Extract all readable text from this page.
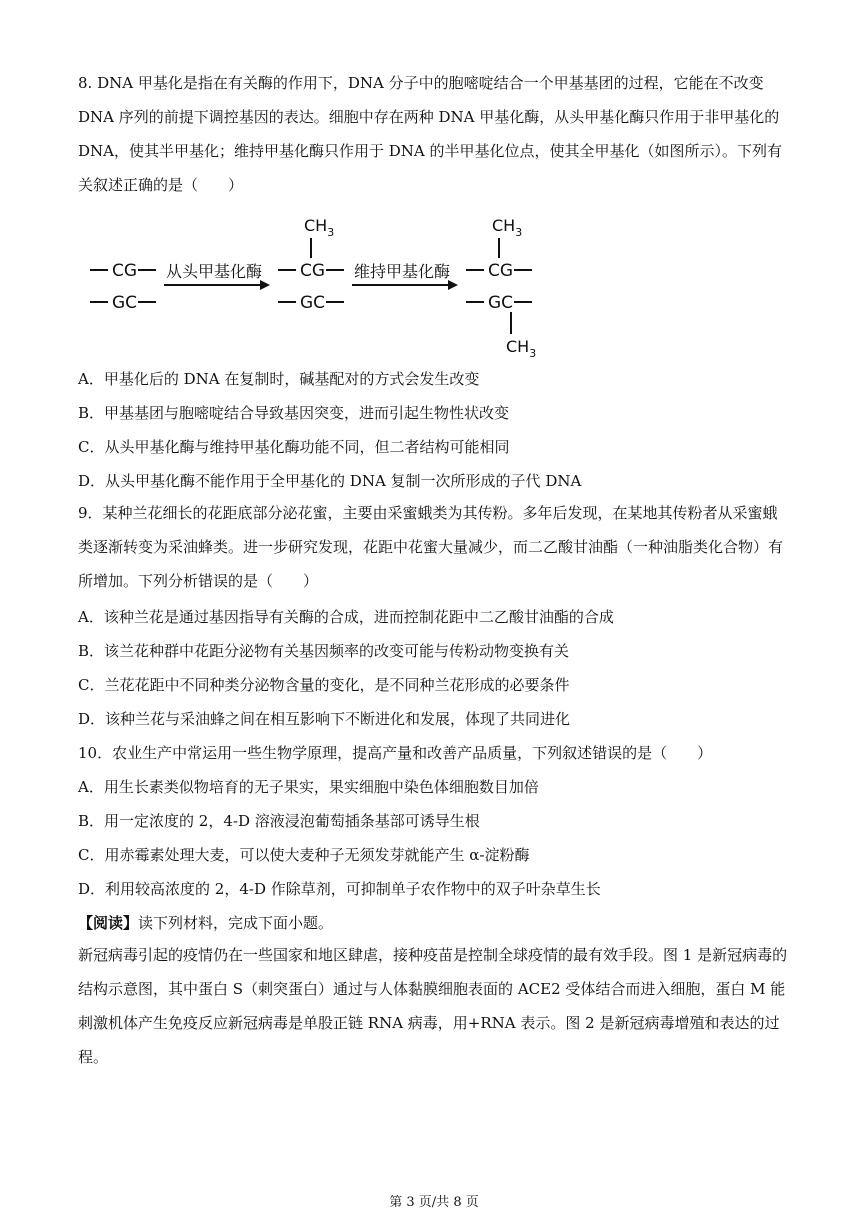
8. DNA 甲基化是指在有关酶的作用下，DNA 分子中的胞嘧啶结合一个甲基基团的过程，它能在不改变 DNA 序列的前提下调控基因的表达。细胞中存在两种 DNA 甲基化酶，从头甲基化酶只作用于非甲基化的 DNA，使其半甲基化；维持甲基化酶只作用于 DNA 的半甲基化位点，使其全甲基化（如图所示）。下列有关叙述正确的是（　　）

CG
GC
从头甲基化酶
$CH_3$
CG
GC
维持甲基化酶
$CH_3$
CG
GC
$CH_3$

A．甲基化后的 DNA 在复制时，碱基配对的方式会发生改变

B．甲基基团与胞嘧啶结合导致基因突变，进而引起生物性状改变

C．从头甲基化酶与维持甲基化酶功能不同，但二者结构可能相同

D．从头甲基化酶不能作用于全甲基化的 DNA 复制一次所形成的子代 DNA

9．某种兰花细长的花距底部分泌花蜜，主要由采蜜蛾类为其传粉。多年后发现，在某地其传粉者从采蜜蛾类逐渐转变为采油蜂类。进一步研究发现，花距中花蜜大量减少，而二乙酸甘油酯（一种油脂类化合物）有所增加。下列分析错误的是（　　）

A．该种兰花是通过基因指导有关酶的合成，进而控制花距中二乙酸甘油酯的合成

B．该兰花种群中花距分泌物有关基因频率的改变可能与传粉动物变换有关

C．兰花花距中不同种类分泌物含量的变化，是不同种兰花形成的必要条件

D．该种兰花与采油蜂之间在相互影响下不断进化和发展，体现了共同进化

10．农业生产中常运用一些生物学原理，提高产量和改善产品质量，下列叙述错误的是（　　）

A．用生长素类似物培育的无子果实，果实细胞中染色体细胞数目加倍

B．用一定浓度的 2，4-D 溶液浸泡葡萄插条基部可诱导生根

C．用赤霉素处理大麦，可以使大麦种子无须发芽就能产生 α-淀粉酶

D．利用较高浓度的 2，4-D 作除草剂，可抑制单子农作物中的双子叶杂草生长

【阅读】读下列材料，完成下面小题。

新冠病毒引起的疫情仍在一些国家和地区肆虐，接种疫苗是控制全球疫情的最有效手段。图 1 是新冠病毒的结构示意图，其中蛋白 S（刺突蛋白）通过与人体黏膜细胞表面的 ACE2 受体结合而进入细胞，蛋白 M 能刺激机体产生免疫反应新冠病毒是单股正链 RNA 病毒，用+RNA 表示。图 2 是新冠病毒增殖和表达的过程。

第 3 页/共 8 页
